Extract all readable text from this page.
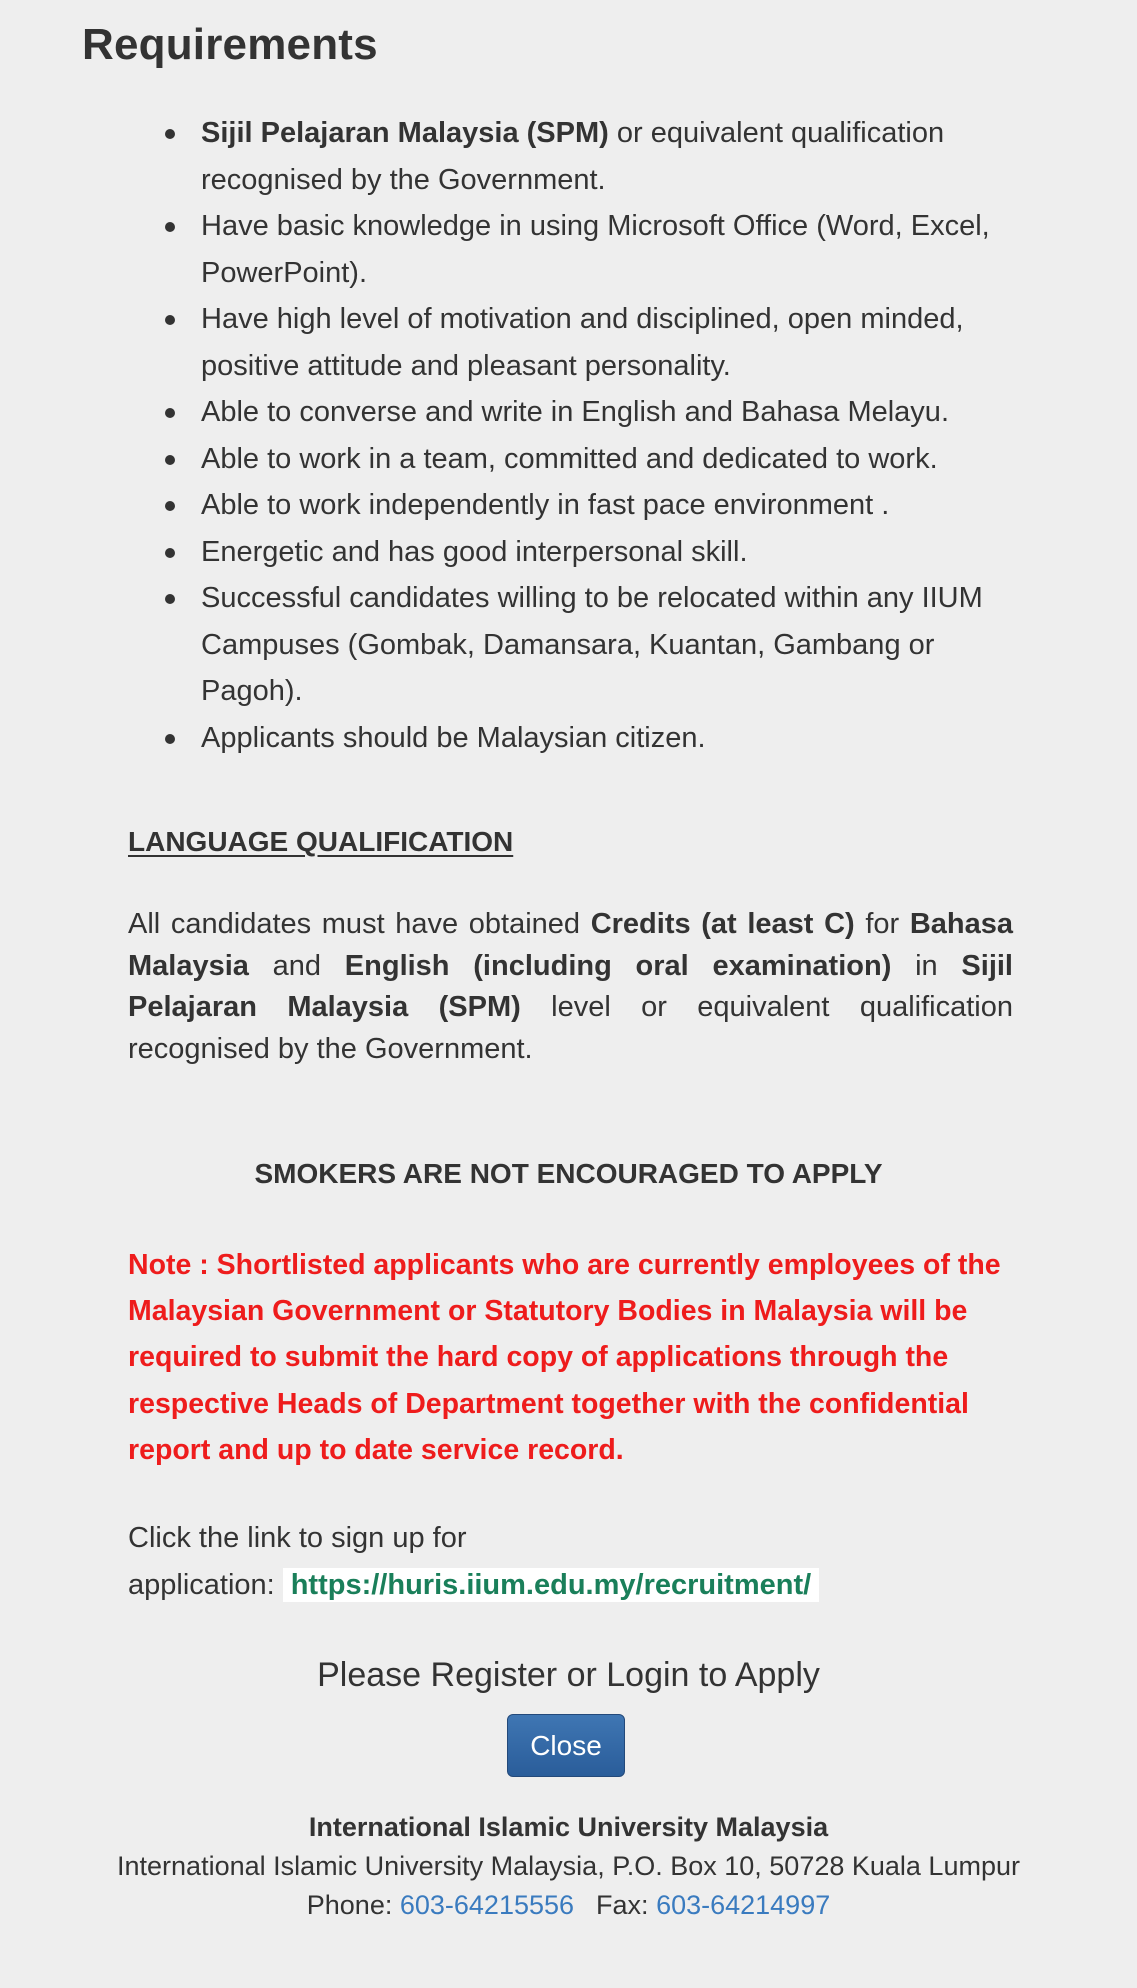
Requirements
Sijil Pelajaran Malaysia (SPM) or equivalent qualification recognised by the Government.
Have basic knowledge in using Microsoft Office (Word, Excel, PowerPoint).
Have high level of motivation and disciplined, open minded, positive attitude and pleasant personality.
Able to converse and write in English and Bahasa Melayu.
Able to work in a team, committed and dedicated to work.
Able to work independently in fast pace environment .
Energetic and has good interpersonal skill.
Successful candidates willing to be relocated within any IIUM Campuses (Gombak, Damansara, Kuantan, Gambang or Pagoh).
Applicants should be Malaysian citizen.
LANGUAGE QUALIFICATION
All candidates must have obtained Credits (at least C) for Bahasa Malaysia and English (including oral examination) in Sijil Pelajaran Malaysia (SPM) level or equivalent qualification recognised by the Government.
SMOKERS ARE NOT ENCOURAGED TO APPLY
Note : Shortlisted applicants who are currently employees of the Malaysian Government or Statutory Bodies in Malaysia will be required to submit the hard copy of applications through the respective Heads of Department together with the confidential report and up to date service record.
Click the link to sign up for
application: https://huris.iium.edu.my/recruitment/
Please Register or Login to Apply
Close
International Islamic University Malaysia
International Islamic University Malaysia, P.O. Box 10, 50728 Kuala Lumpur
Phone: 603-64215556 Fax: 603-64214997
